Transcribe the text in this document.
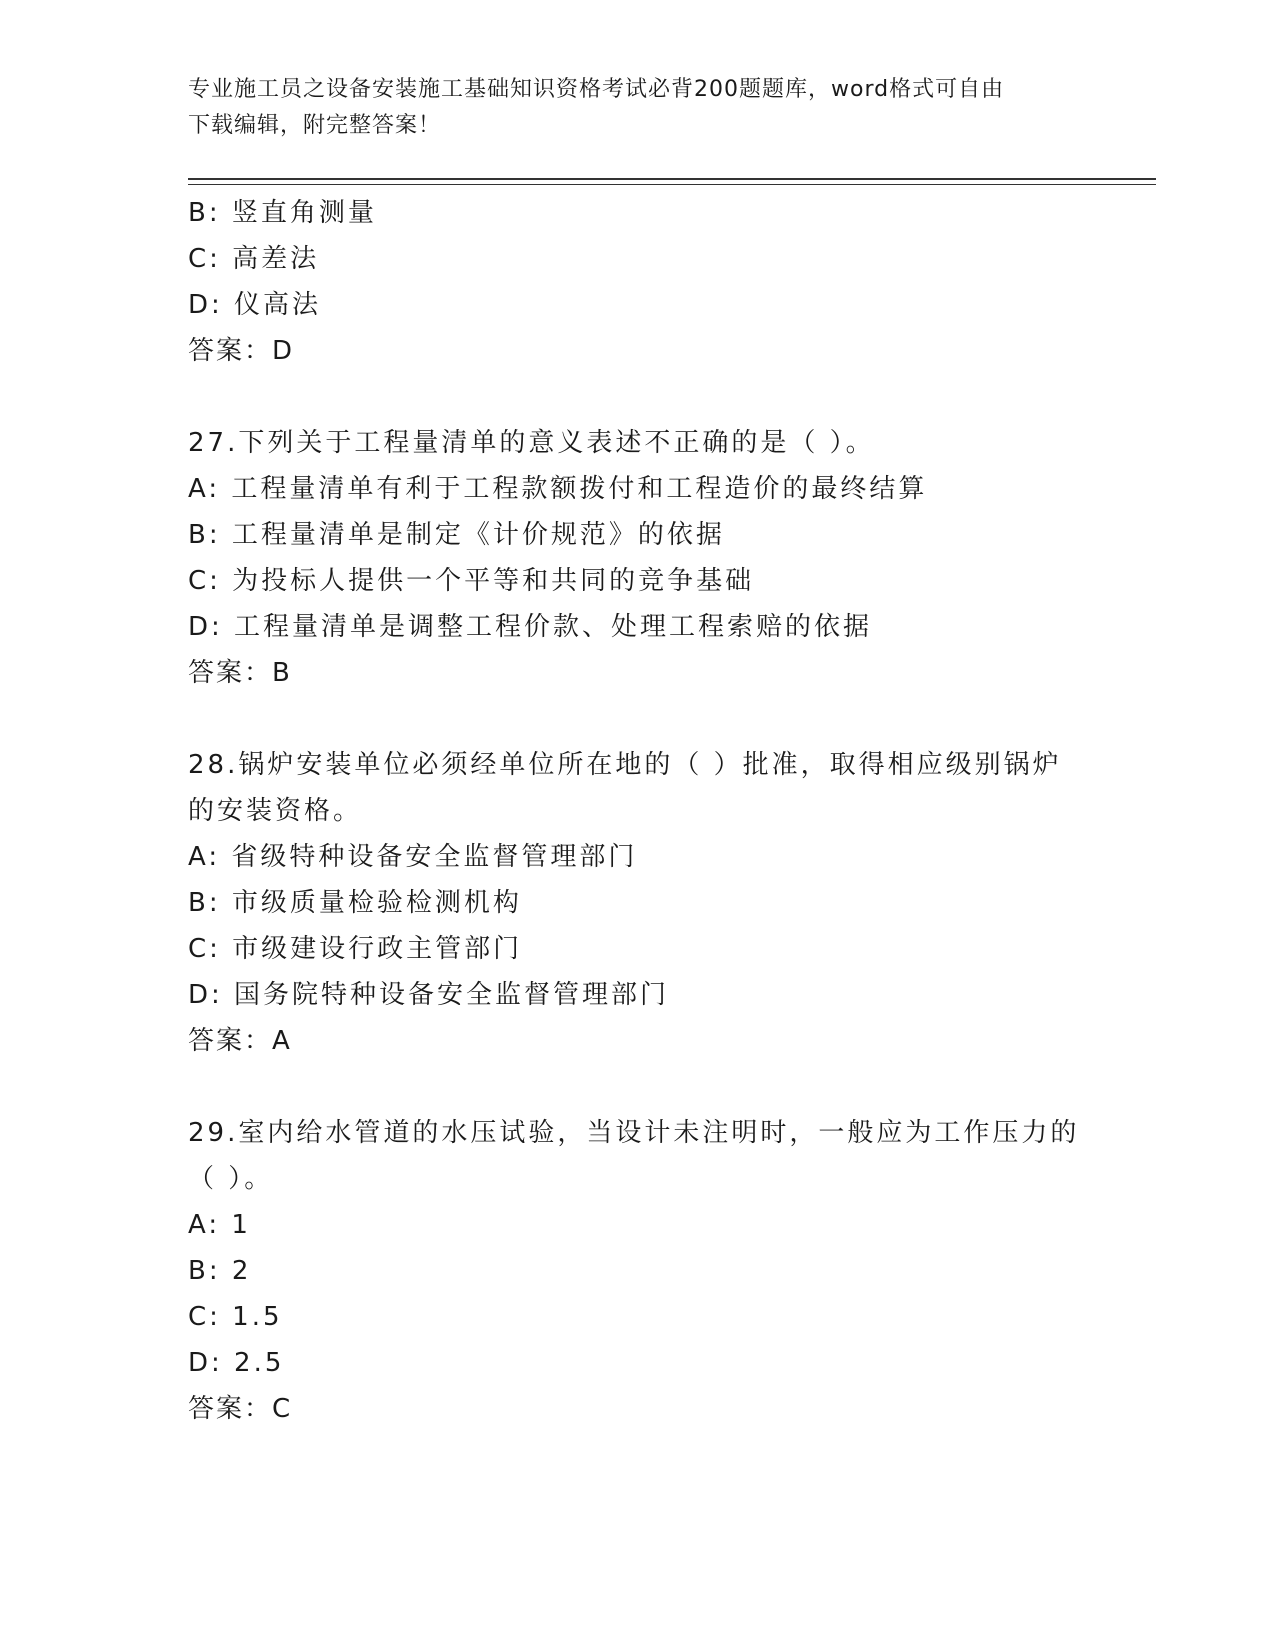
专业施工员之设备安装施工基础知识资格考试必背200题题库，word格式可自由
下载编辑，附完整答案！
B: 竖直角测量
C: 高差法
D: 仪高法
答案：D
27.下列关于工程量清单的意义表述不正确的是（ ）。
A: 工程量清单有利于工程款额拨付和工程造价的最终结算
B: 工程量清单是制定《计价规范》的依据
C: 为投标人提供一个平等和共同的竞争基础
D: 工程量清单是调整工程价款、处理工程索赔的依据
答案：B
28.锅炉安装单位必须经单位所在地的（ ）批准，取得相应级别锅炉
的安装资格。
A: 省级特种设备安全监督管理部门
B: 市级质量检验检测机构
C: 市级建设行政主管部门
D: 国务院特种设备安全监督管理部门
答案：A
29.室内给水管道的水压试验，当设计未注明时，一般应为工作压力的
（ ）。
A: 1
B: 2
C: 1.5
D: 2.5
答案：C
